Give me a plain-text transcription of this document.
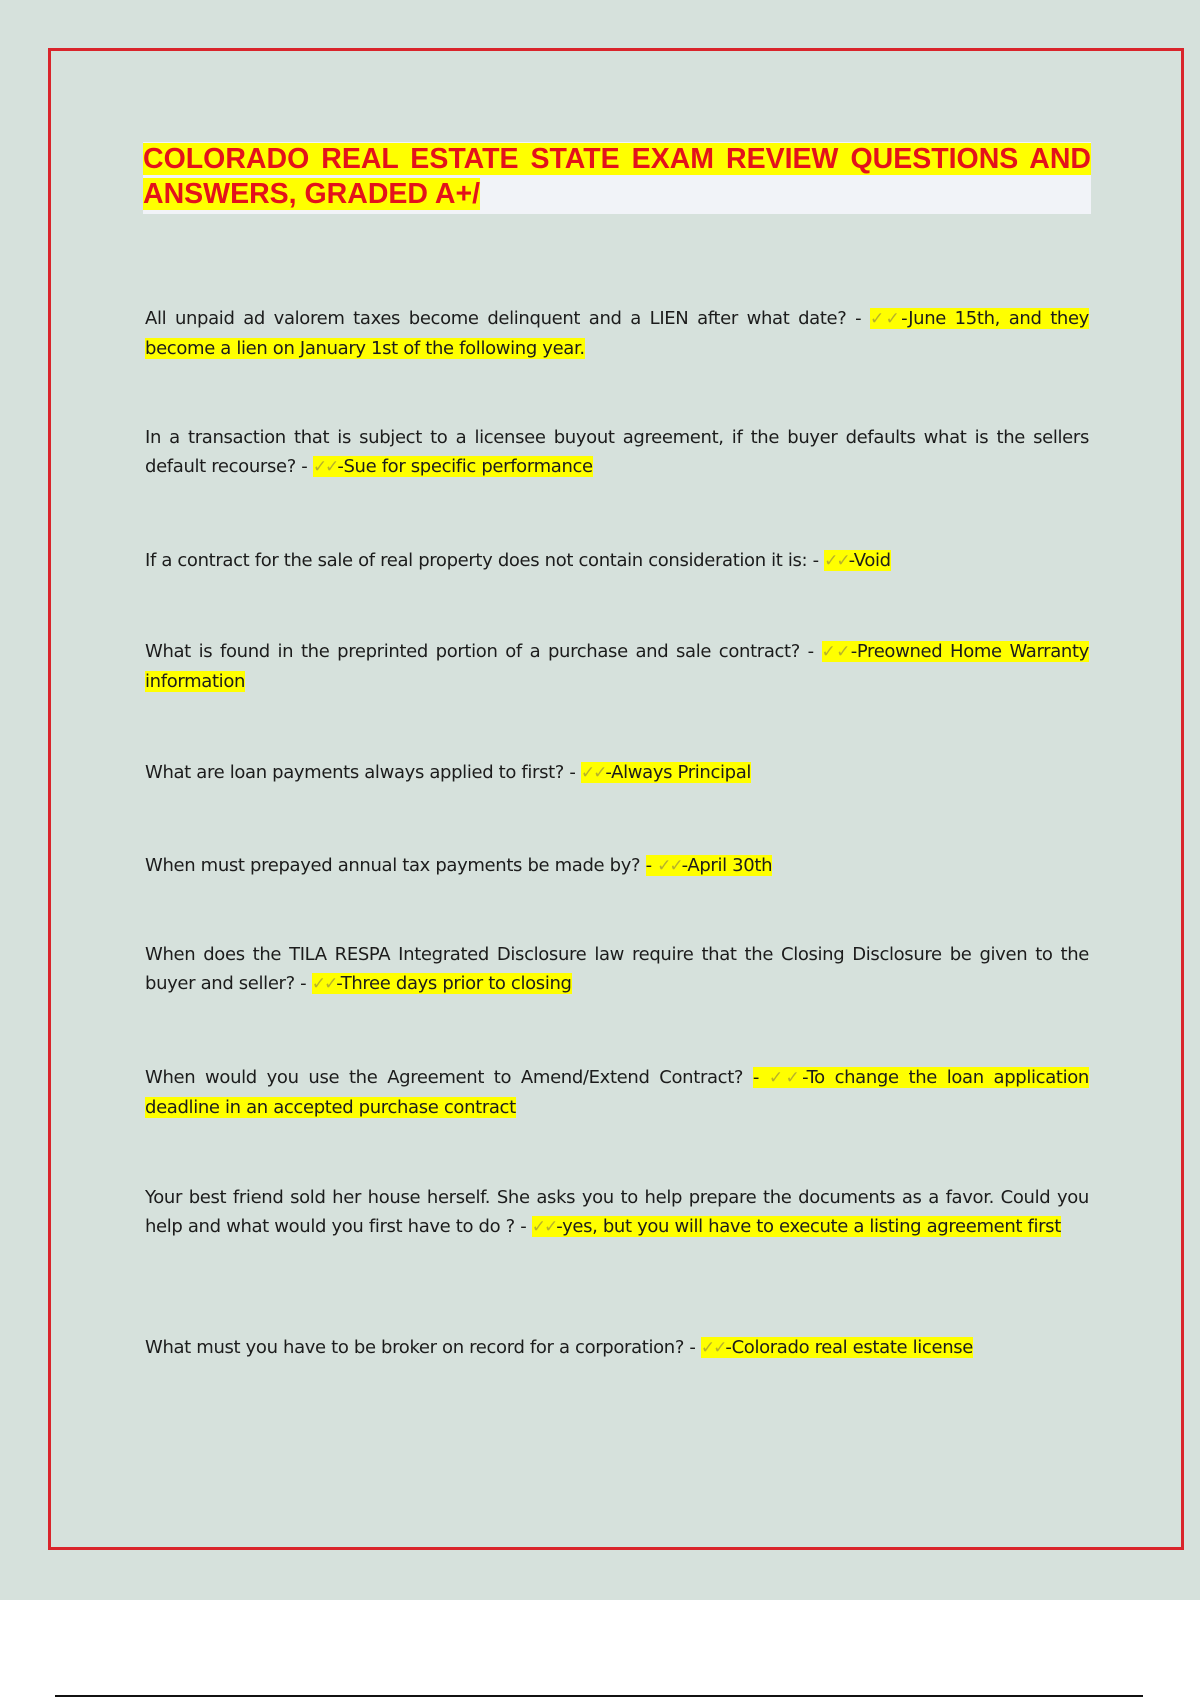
COLORADO REAL ESTATE STATE EXAM REVIEW QUESTIONS AND ANSWERS, GRADED A+/

All unpaid ad valorem taxes become delinquent and a LIEN after what date? - ✓✓-June 15th, and they become a lien on January 1st of the following year.

In a transaction that is subject to a licensee buyout agreement, if the buyer defaults what is the sellers default recourse? - ✓✓-Sue for specific performance

If a contract for the sale of real property does not contain consideration it is: - ✓✓-Void

What is found in the preprinted portion of a purchase and sale contract? - ✓✓-Preowned Home Warranty information

What are loan payments always applied to first? - ✓✓-Always Principal

When must prepayed annual tax payments be made by? - ✓✓-April 30th

When does the TILA RESPA Integrated Disclosure law require that the Closing Disclosure be given to the buyer and seller? - ✓✓-Three days prior to closing

When would you use the Agreement to Amend/Extend Contract? - ✓✓-To change the loan application deadline in an accepted purchase contract

Your best friend sold her house herself. She asks you to help prepare the documents as a favor. Could you help and what would you first have to do ? - ✓✓-yes, but you will have to execute a listing agreement first

What must you have to be broker on record for a corporation? - ✓✓-Colorado real estate license
